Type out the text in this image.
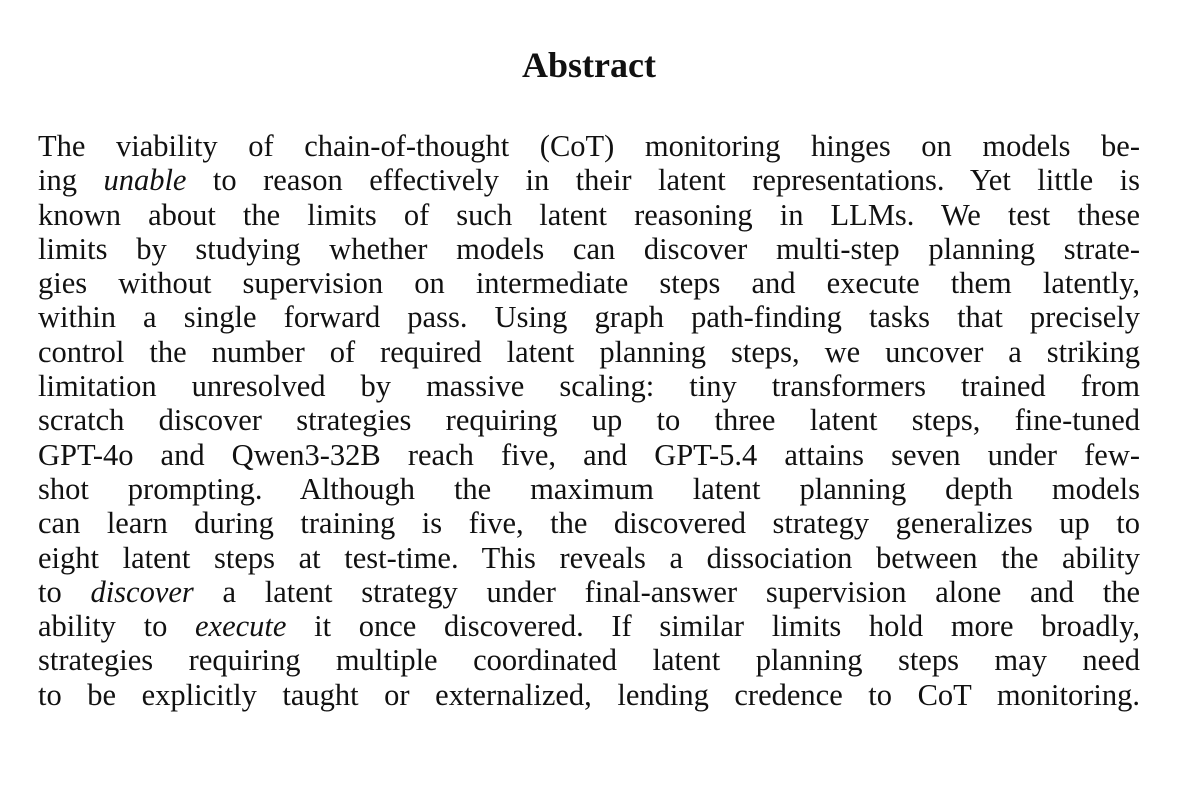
Abstract
The viability of chain-of-thought (CoT) monitoring hinges on models be-
ing unable to reason effectively in their latent representations. Yet little is
known about the limits of such latent reasoning in LLMs. We test these
limits by studying whether models can discover multi-step planning strate-
gies without supervision on intermediate steps and execute them latently,
within a single forward pass. Using graph path-finding tasks that precisely
control the number of required latent planning steps, we uncover a striking
limitation unresolved by massive scaling: tiny transformers trained from
scratch discover strategies requiring up to three latent steps, fine-tuned
GPT-4o and Qwen3-32B reach five, and GPT-5.4 attains seven under few-
shot prompting. Although the maximum latent planning depth models
can learn during training is five, the discovered strategy generalizes up to
eight latent steps at test-time. This reveals a dissociation between the ability
to discover a latent strategy under final-answer supervision alone and the
ability to execute it once discovered. If similar limits hold more broadly,
strategies requiring multiple coordinated latent planning steps may need
to be explicitly taught or externalized, lending credence to CoT monitoring.
